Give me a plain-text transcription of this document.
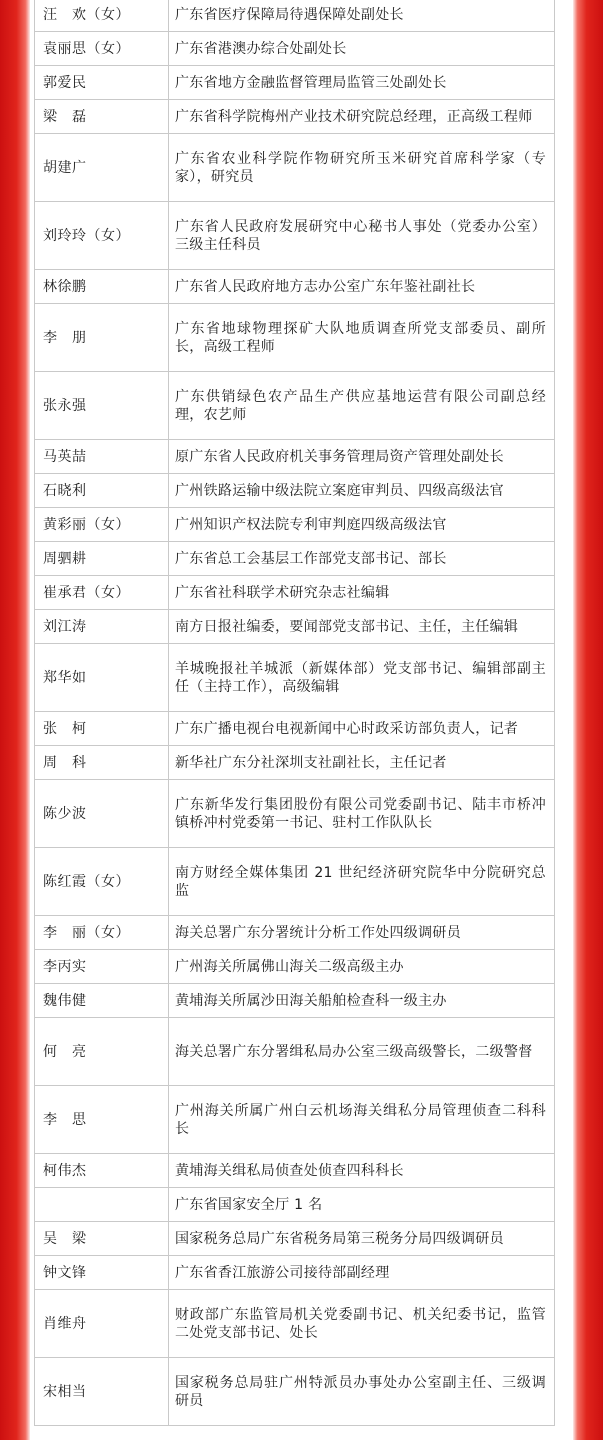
汪　欢（女）	广东省医疗保障局待遇保障处副处长
袁丽思（女）	广东省港澳办综合处副处长
郭爱民	广东省地方金融监督管理局监管三处副处长
梁　磊	广东省科学院梅州产业技术研究院总经理，正高级工程师
胡建广	广东省农业科学院作物研究所玉米研究首席科学家（专家），研究员
刘玲玲（女）	广东省人民政府发展研究中心秘书人事处（党委办公室）三级主任科员
林徐鹏	广东省人民政府地方志办公室广东年鉴社副社长
李　朋	广东省地球物理探矿大队地质调查所党支部委员、副所长，高级工程师
张永强	广东供销绿色农产品生产供应基地运营有限公司副总经理，农艺师
马英喆	原广东省人民政府机关事务管理局资产管理处副处长
石晓利	广州铁路运输中级法院立案庭审判员、四级高级法官
黄彩丽（女）	广州知识产权法院专利审判庭四级高级法官
周驷耕	广东省总工会基层工作部党支部书记、部长
崔承君（女）	广东省社科联学术研究杂志社编辑
刘江涛	南方日报社编委，要闻部党支部书记、主任，主任编辑
郑华如	羊城晚报社羊城派（新媒体部）党支部书记、编辑部副主任（主持工作），高级编辑
张　柯	广东广播电视台电视新闻中心时政采访部负责人，记者
周　科	新华社广东分社深圳支社副社长，主任记者
陈少波	广东新华发行集团股份有限公司党委副书记、陆丰市桥冲镇桥冲村党委第一书记、驻村工作队队长
陈红霞（女）	南方财经全媒体集团 21 世纪经济研究院华中分院研究总监
李　丽（女）	海关总署广东分署统计分析工作处四级调研员
李丙实	广州海关所属佛山海关二级高级主办
魏伟健	黄埔海关所属沙田海关船舶检查科一级主办
何　亮	海关总署广东分署缉私局办公室三级高级警长，二级警督
李　思	广州海关所属广州白云机场海关缉私分局管理侦查二科科长
柯伟杰	黄埔海关缉私局侦查处侦查四科科长
	广东省国家安全厅 1 名
吴　梁	国家税务总局广东省税务局第三税务分局四级调研员
钟文锋	广东省香江旅游公司接待部副经理
肖维舟	财政部广东监管局机关党委副书记、机关纪委书记，监管二处党支部书记、处长
宋相当	国家税务总局驻广州特派员办事处办公室副主任、三级调研员
